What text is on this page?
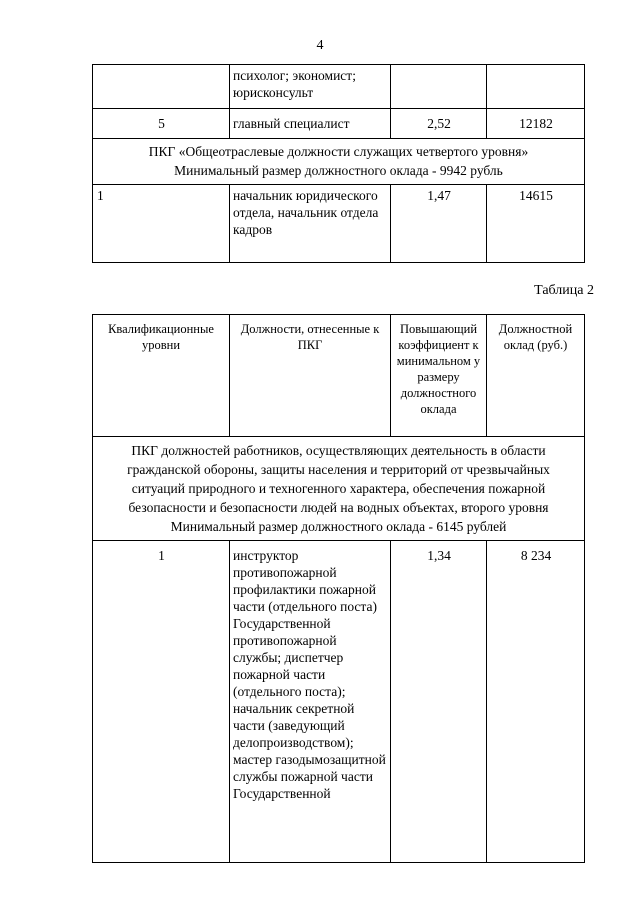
4
	психолог; экономист; юрисконсульт		
5	главный специалист	2,52	12182

ПКГ «Общеотраслевые должности служащих четвертого уровня»
Минимальный размер должностного оклада - 9942 рубль			

1	начальник юридического отдела, начальник отдела кадров	1,47	14615
Таблица 2
Квалификационные уровни	Должности, отнесенные к ПКГ	Повышающий коэффициент к минимальном у размеру должностного оклада	Должностной оклад (руб.)

ПКГ должностей работников, осуществляющих деятельность в области гражданской обороны, защиты населения и территорий от чрезвычайных ситуаций природного и техногенного характера, обеспечения пожарной безопасности и безопасности людей на водных объектах, второго уровня
Минимальный размер должностного оклада - 6145 рублей			

1	инструктор противопожарной профилактики пожарной части (отдельного поста) Государственной противопожарной службы; диспетчер пожарной части (отдельного поста); начальник секретной части (заведующий делопроизводством); мастер газодымозащитной службы пожарной части Государственной	1,34	8 234
